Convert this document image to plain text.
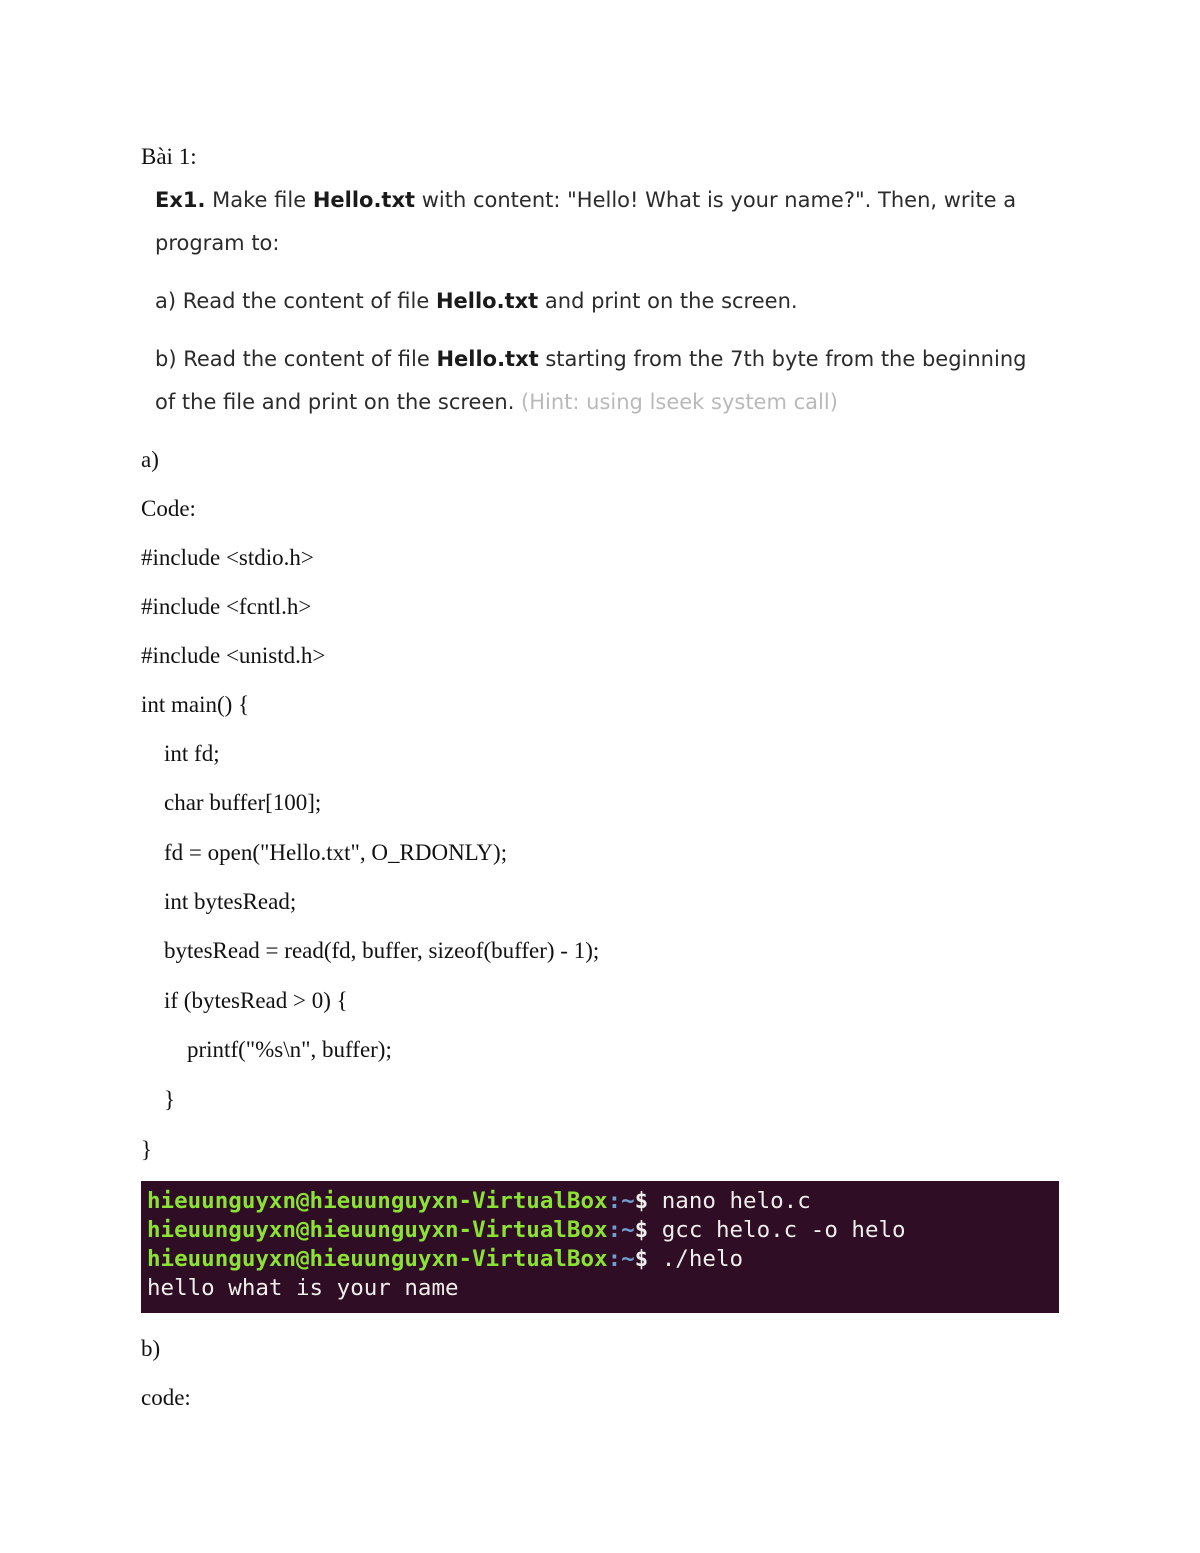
Bài 1:
Ex1. Make file Hello.txt with content: "Hello! What is your name?". Then, write a
program to:
a) Read the content of file Hello.txt and print on the screen.
b) Read the content of file Hello.txt starting from the 7th byte from the beginning
of the file and print on the screen. (Hint: using lseek system call)
a)
Code:
#include <stdio.h>
#include <fcntl.h>
#include <unistd.h>
int main() {
int fd;
char buffer[100];
fd = open("Hello.txt", O_RDONLY);
int bytesRead;
bytesRead = read(fd, buffer, sizeof(buffer) - 1);
if (bytesRead > 0) {
printf("%s\n", buffer);
}
}
hieuunguyxn@hieuunguyxn-VirtualBox:~$ nano helo.c
hieuunguyxn@hieuunguyxn-VirtualBox:~$ gcc helo.c -o helo
hieuunguyxn@hieuunguyxn-VirtualBox:~$ ./helo
hello what is your name
b)
code:
